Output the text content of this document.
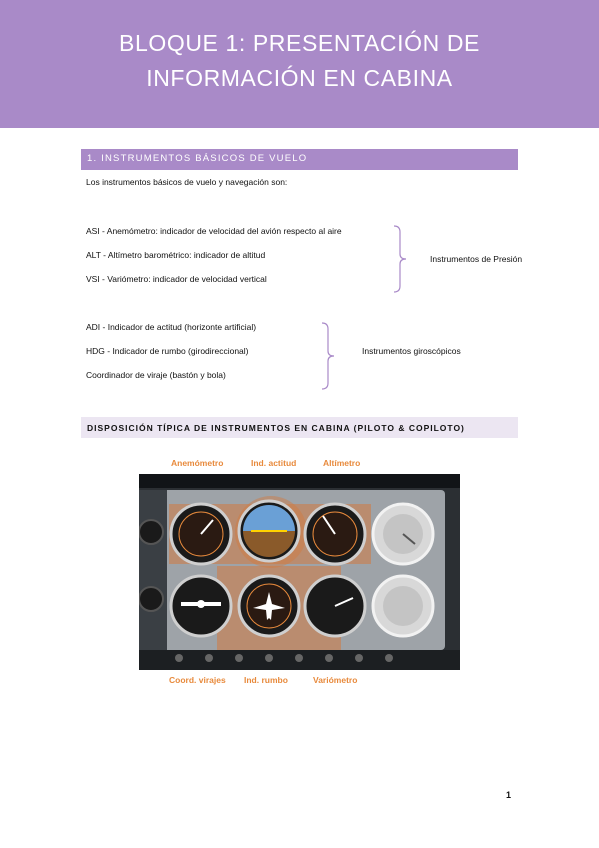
BLOQUE 1: PRESENTACIÓN DE
INFORMACIÓN EN CABINA
1. INSTRUMENTOS BÁSICOS DE VUELO
Los instrumentos básicos de vuelo y navegación son:
ASI - Anemómetro: indicador de velocidad del avión respecto al aire
ALT - Altímetro barométrico: indicador de altitud
VSI - Variómetro: indicador de velocidad vertical
Instrumentos de Presión
ADI - Indicador de actitud (horizonte artificial)
HDG - Indicador de rumbo (girodireccional)
Coordinador de viraje (bastón y bola)
Instrumentos giroscópicos
DISPOSICIÓN TÍPICA DE INSTRUMENTOS EN CABINA (PILOTO & COPILOTO)
Anemómetro	Ind. actitud	Altímetro
Coord. virajes Ind. rumbo	Variómetro
1
